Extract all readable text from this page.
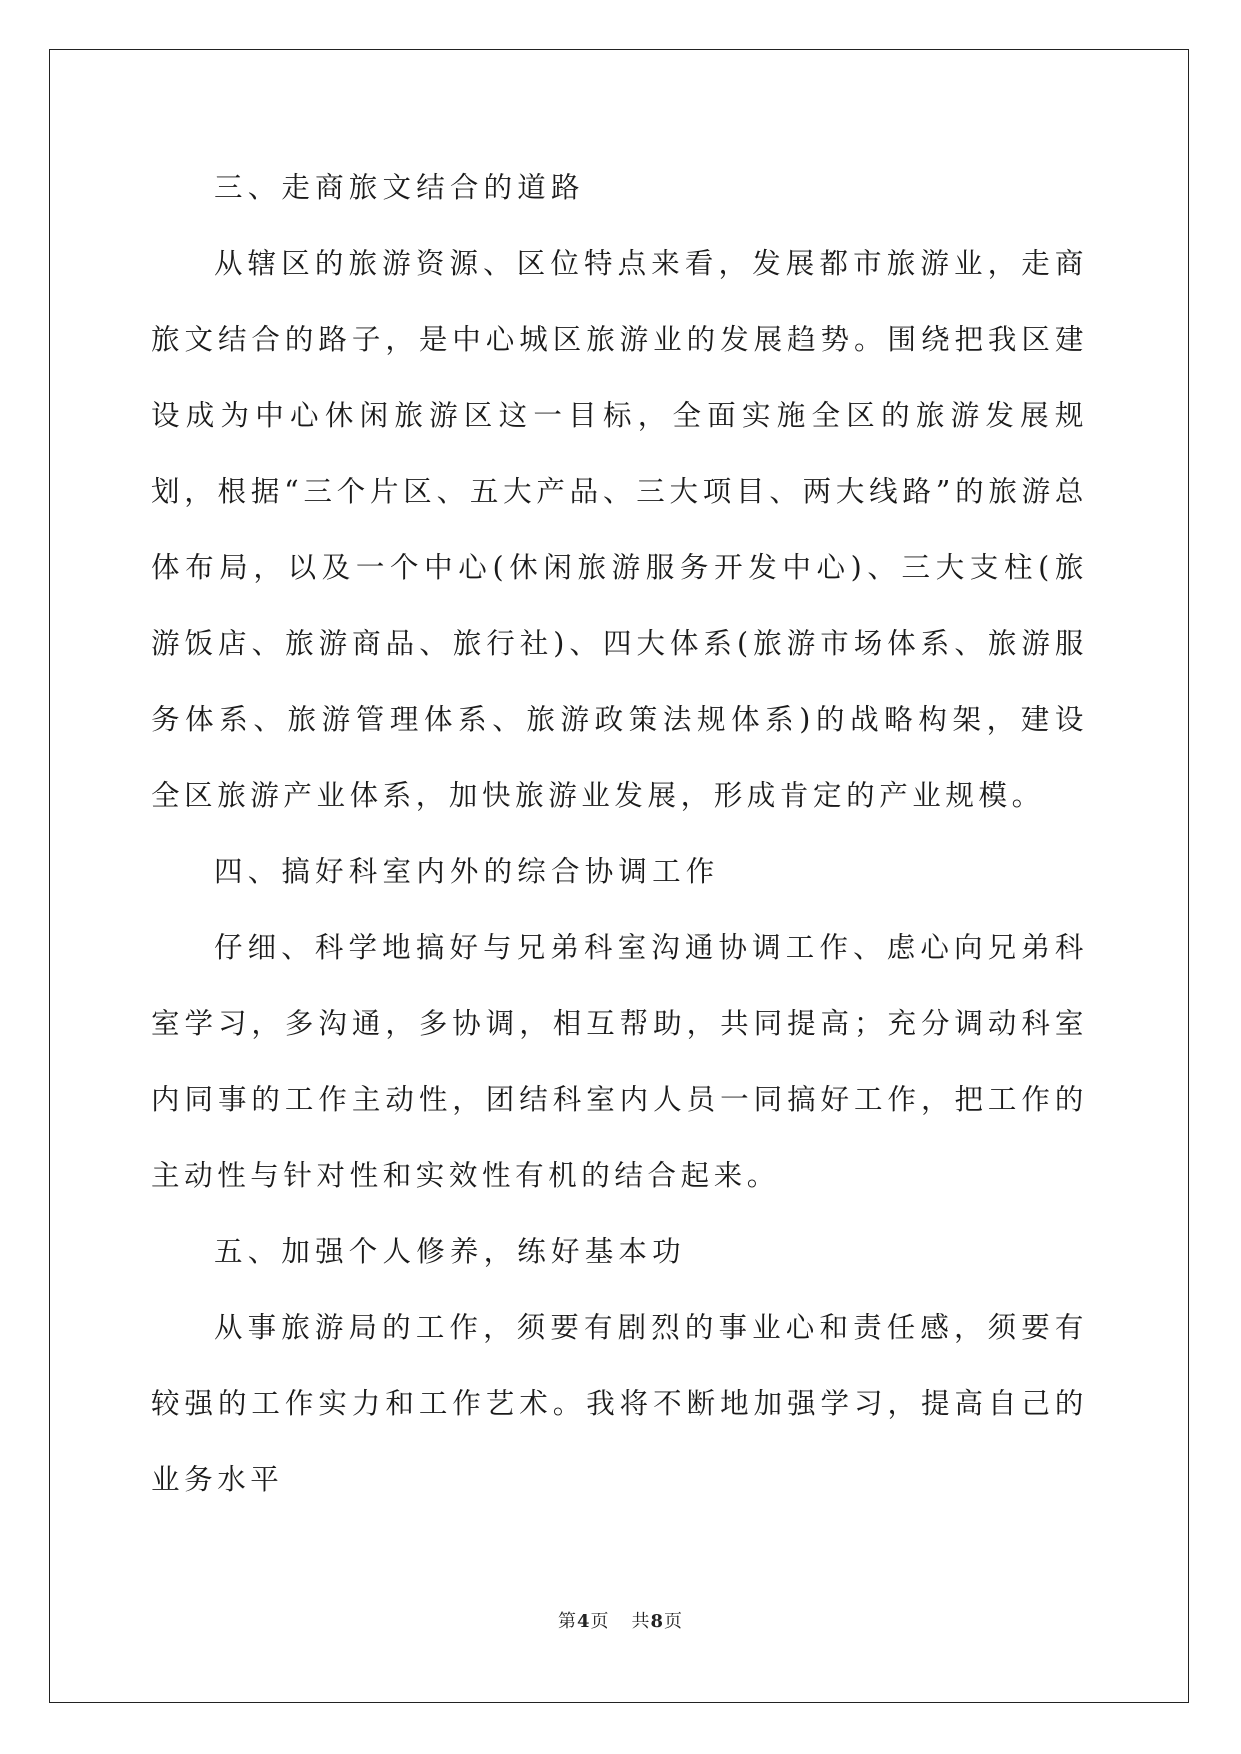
三、走商旅文结合的道路

从辖区的旅游资源、区位特点来看，发展都市旅游业，走商旅文结合的路子，是中心城区旅游业的发展趋势。围绕把我区建设成为中心休闲旅游区这一目标，全面实施全区的旅游发展规划，根据“三个片区、五大产品、三大项目、两大线路”的旅游总体布局，以及一个中心(休闲旅游服务开发中心)、三大支柱(旅游饭店、旅游商品、旅行社)、四大体系(旅游市场体系、旅游服务体系、旅游管理体系、旅游政策法规体系)的战略构架，建设全区旅游产业体系，加快旅游业发展，形成肯定的产业规模。

四、搞好科室内外的综合协调工作

仔细、科学地搞好与兄弟科室沟通协调工作、虑心向兄弟科室学习，多沟通，多协调，相互帮助，共同提高；充分调动科室内同事的工作主动性，团结科室内人员一同搞好工作，把工作的主动性与针对性和实效性有机的结合起来。

五、加强个人修养，练好基本功

从事旅游局的工作，须要有剧烈的事业心和责任感，须要有较强的工作实力和工作艺术。我将不断地加强学习，提高自己的业务水平

第4页 共8页
